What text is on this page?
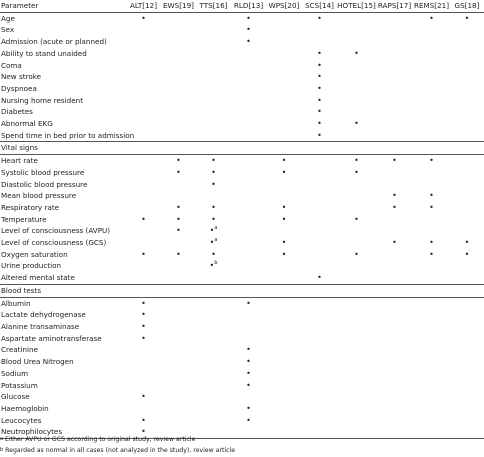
Parameter	ALT[12]	EWS[19]	TTS[16]	RLD[13]	WPS[20]	SCS[14]	HOTEL[15]	RAPS[17]	REMS[21]	GS[18]
Age	•			•		•			•	•
Sex				•						
Admission (acute or planned)				•						
Ability to stand unaided						•	•			
Coma						•				
New stroke						•				
Dyspnoea						•				
Nursing home resident						•				
Diabetes						•				
Abnormal EKG						•	•			
Spend time in bed prior to admission						•				
Vital signs										
Heart rate		•	•		•		•	•	•	
Systolic blood pressure		•	•		•		•			
Diastolic blood pressure			•							
Mean blood pressure								•	•	
Respiratory rate		•	•		•			•	•	
Temperature	•	•	•		•		•			
Level of consciousness (AVPU)		•	•$^a$							
Level of consciousness (GCS)			•$^a$		•			•	•	•
Oxygen saturation	•	•	•		•		•		•	•
Urine production			•$^b$							
Altered mental state						•				
Blood tests										
Albumin	•			•						
Lactate dehydrogenase	•									
Alanine transaminase	•									
Aspartate aminotransferase	•									
Creatinine				•						
Blood Urea Nitrogen				•						
Sodium				•						
Potassium				•						
Glucose	•									
Haemoglobin				•						
Leucocytes	•			•						
Neutrophilocytes	•									
$^a$ Either AVPU or GCS according to original study, review article
$^b$ Regarded as normal in all cases (not analyzed in the study), review article
